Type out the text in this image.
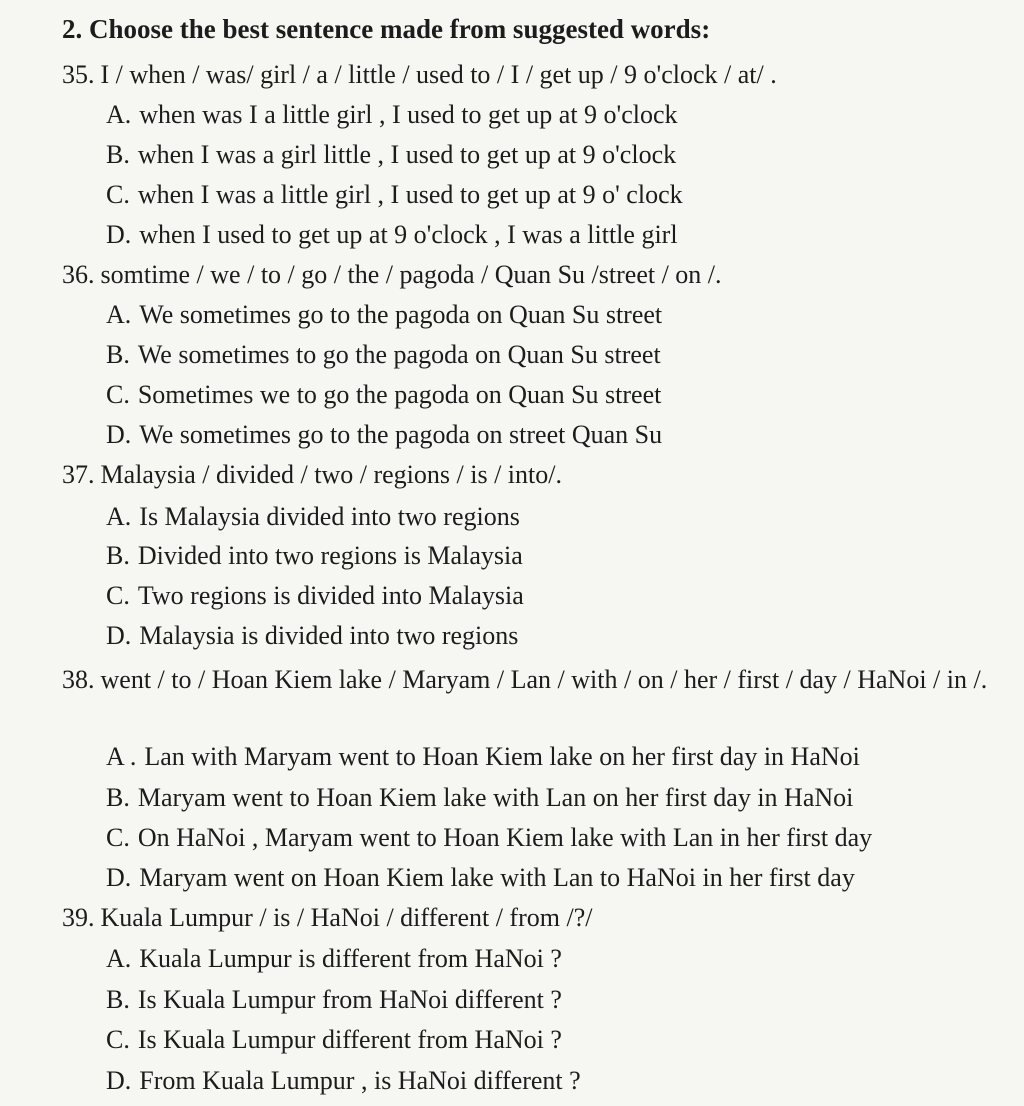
2. Choose the best sentence made from suggested words:
35. I / when / was/ girl / a / little / used to / I / get up / 9 o'clock / at/ .
A. when was I a little girl , I used to get up at 9 o'clock
B. when I was a girl little , I used to get up at 9 o'clock
C. when I was a little girl , I used to get up at 9 o' clock
D. when I used to get up at 9 o'clock , I was a little girl
36. somtime / we / to / go / the / pagoda / Quan Su /street / on /.
A. We sometimes go to the pagoda on Quan Su street
B. We sometimes to go the pagoda on Quan Su street
C. Sometimes we to go the pagoda on Quan Su street
D. We sometimes go to the pagoda on street Quan Su
37. Malaysia / divided / two / regions / is / into/.
A. Is Malaysia divided into two regions
B. Divided into two regions is Malaysia
C. Two regions is divided into Malaysia
D. Malaysia is divided into two regions
38. went / to / Hoan Kiem lake / Maryam / Lan / with / on / her / first / day / HaNoi / in /.
A . Lan with Maryam went to Hoan Kiem lake on her first day in HaNoi
B. Maryam went to Hoan Kiem lake with Lan on her first day in HaNoi
C. On HaNoi , Maryam went to Hoan Kiem lake with Lan in her first day
D. Maryam went on Hoan Kiem lake with Lan to HaNoi in her first day
39. Kuala Lumpur / is / HaNoi / different / from /?/
A. Kuala Lumpur is different from HaNoi ?
B. Is Kuala Lumpur from HaNoi different ?
C. Is Kuala Lumpur different from HaNoi ?
D. From Kuala Lumpur , is HaNoi different ?
